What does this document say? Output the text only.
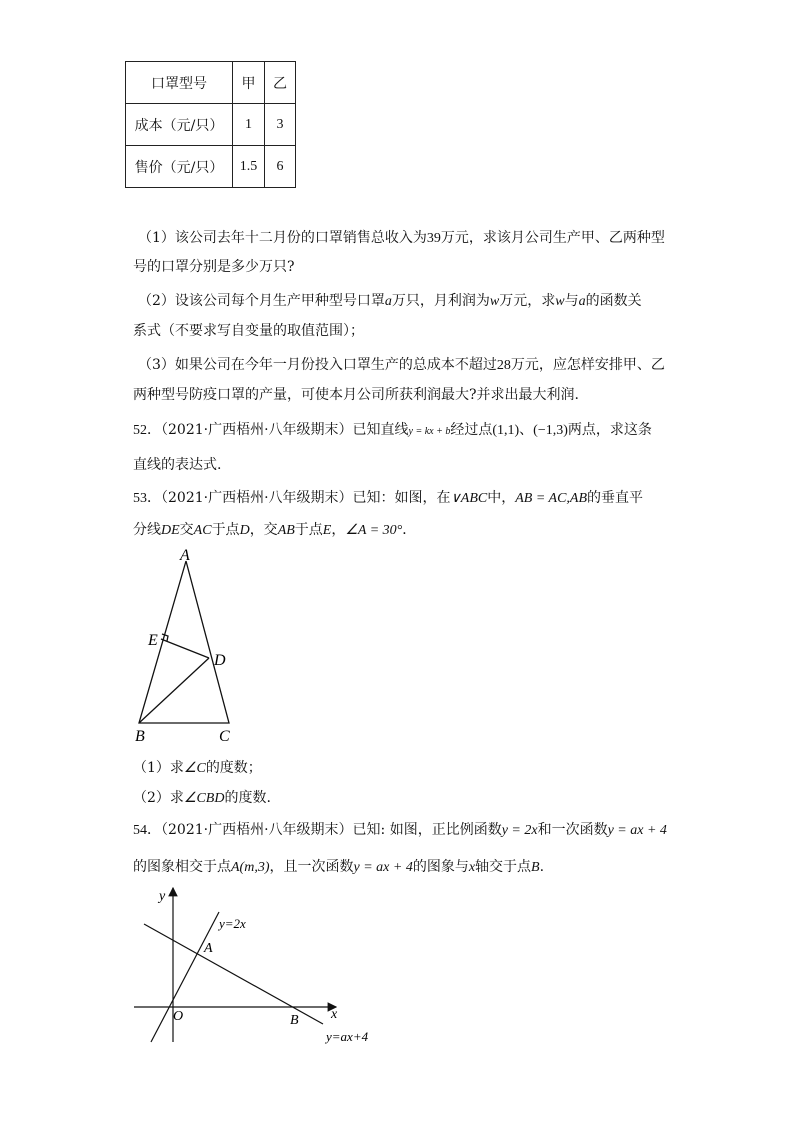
口罩型号	甲	乙
成本（元/只）	1	3
售价（元/只）	1.5	6
（1）该公司去年十二月份的口罩销售总收入为39万元，求该月公司生产甲、乙两种型
号的口罩分别是多少万只?
（2）设该公司每个月生产甲种型号口罩a万只，月利润为w万元，求w与a的函数关
系式（不要求写自变量的取值范围）；
（3）如果公司在今年一月份投入口罩生产的总成本不超过28万元，应怎样安排甲、乙
两种型号防疫口罩的产量，可使本月公司所获利润最大?并求出最大利润.
52．（2021·广西梧州·八年级期末）已知直线y = kx + b经过点(1,1)、(−1,3)两点，求这条
直线的表达式.
53．（2021·广西梧州·八年级期末）已知：如图，在∨ABC中，AB = AC,AB的垂直平
分线DE交AC于点D，交AB于点E，∠A = 30°．
A
E
D
B	C
（1）求∠C的度数；
（2）求∠CBD的度数.
54．（2021·广西梧州·八年级期末）已知: 如图，正比例函数y = 2x和一次函数y = ax + 4
的图象相交于点A(m,3)，且一次函数y = ax + 4的图象与x轴交于点B.
y
x
y=2x
A
O	B
y=ax+4
